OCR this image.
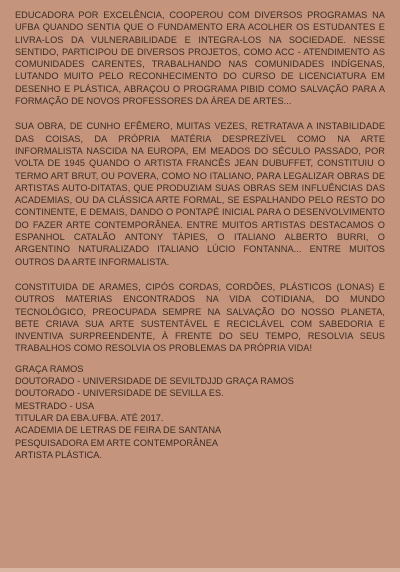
EDUCADORA POR EXCELÊNCIA, COOPEROU COM DIVERSOS PROGRAMAS NA UFBA QUANDO SENTIA QUE O FUNDAMENTO ERA ACOLHER OS ESTUDANTES E LIVRA-LOS DA VULNERABILIDADE E INTEGRA-LOS NA SOCIEDADE. NESSE SENTIDO, PARTICIPOU DE DIVERSOS PROJETOS, COMO ACC - ATENDIMENTO AS COMUNIDADES CARENTES, TRABALHANDO NAS COMUNIDADES INDÍGENAS, LUTANDO MUITO PELO RECONHECIMENTO DO CURSO DE LICENCIATURA EM DESENHO E PLÁSTICA, ABRAÇOU O PROGRAMA PIBID COMO SALVAÇÃO PARA A FORMAÇÃO DE NOVOS PROFESSORES DA ÁREA DE ARTES...

SUA OBRA, DE CUNHO EFÊMERO, MUITAS VEZES, RETRATAVA A INSTABILIDADE DAS COISAS, DA PRÓPRIA MATÉRIA DESPREZÍVEL COMO NA ARTE INFORMALISTA NASCIDA NA EUROPA, EM MEADOS DO SÉCULO PASSADO, POR VOLTA DE 1945 QUANDO O ARTISTA FRANCÊS JEAN DUBUFFET, CONSTITUIU O TERMO ART BRUT, OU POVERA, COMO NO ITALIANO, PARA LEGALIZAR OBRAS DE ARTISTAS AUTO-DITATAS, QUE PRODUZIAM SUAS OBRAS SEM INFLUÊNCIAS DAS ACADEMIAS, OU DA CLÁSSICA ARTE FORMAL, SE ESPALHANDO PELO RESTO DO CONTINENTE, E DEMAIS, DANDO O PONTAPÉ INICIAL PARA O DESENVOLVIMENTO DO FAZER ARTE CONTEMPORÂNEA. ENTRE MUITOS ARTISTAS DESTACAMOS O ESPANHOL CATALÃO ANTONY TÀPIES, O ITALIANO ALBERTO BURRI, O ARGENTINO NATURALIZADO ITALIANO LÚCIO FONTANNA... ENTRE MUITOS OUTROS DA ARTE INFORMALISTA.

CONSTITUIDA DE ARAMES, CIPÓS CORDAS, CORDÕES, PLÁSTICOS (LONAS) E OUTROS MATERIAS ENCONTRADOS NA VIDA COTIDIANA, DO MUNDO TECNOLÓGICO, PREOCUPADA SEMPRE NA SALVAÇÃO DO NOSSO PLANETA, BETE CRIAVA SUA ARTE SUSTENTÁVEL E RECICLÁVEL COM SABEDORIA E INVENTIVA SURPREENDENTE, À FRENTE DO SEU TEMPO, RESOLVIA SEUS TRABALHOS COMO RESOLVIA OS PROBLEMAS DA PRÓPRIA VIDA!

GRAÇA RAMOS
DOUTORADO - UNIVERSIDADE DE SEVILTDJJD GRAÇA RAMOS
DOUTORADO - UNIVERSIDADE DE SEVILLA ES.
MESTRADO - USA
TITULAR DA EBA.UFBA. ATÉ 2017.
ACADEMIA DE LETRAS DE FEIRA DE SANTANA
PESQUISADORA EM ARTE CONTEMPORÂNEA
ARTISTA PLÁSTICA.
